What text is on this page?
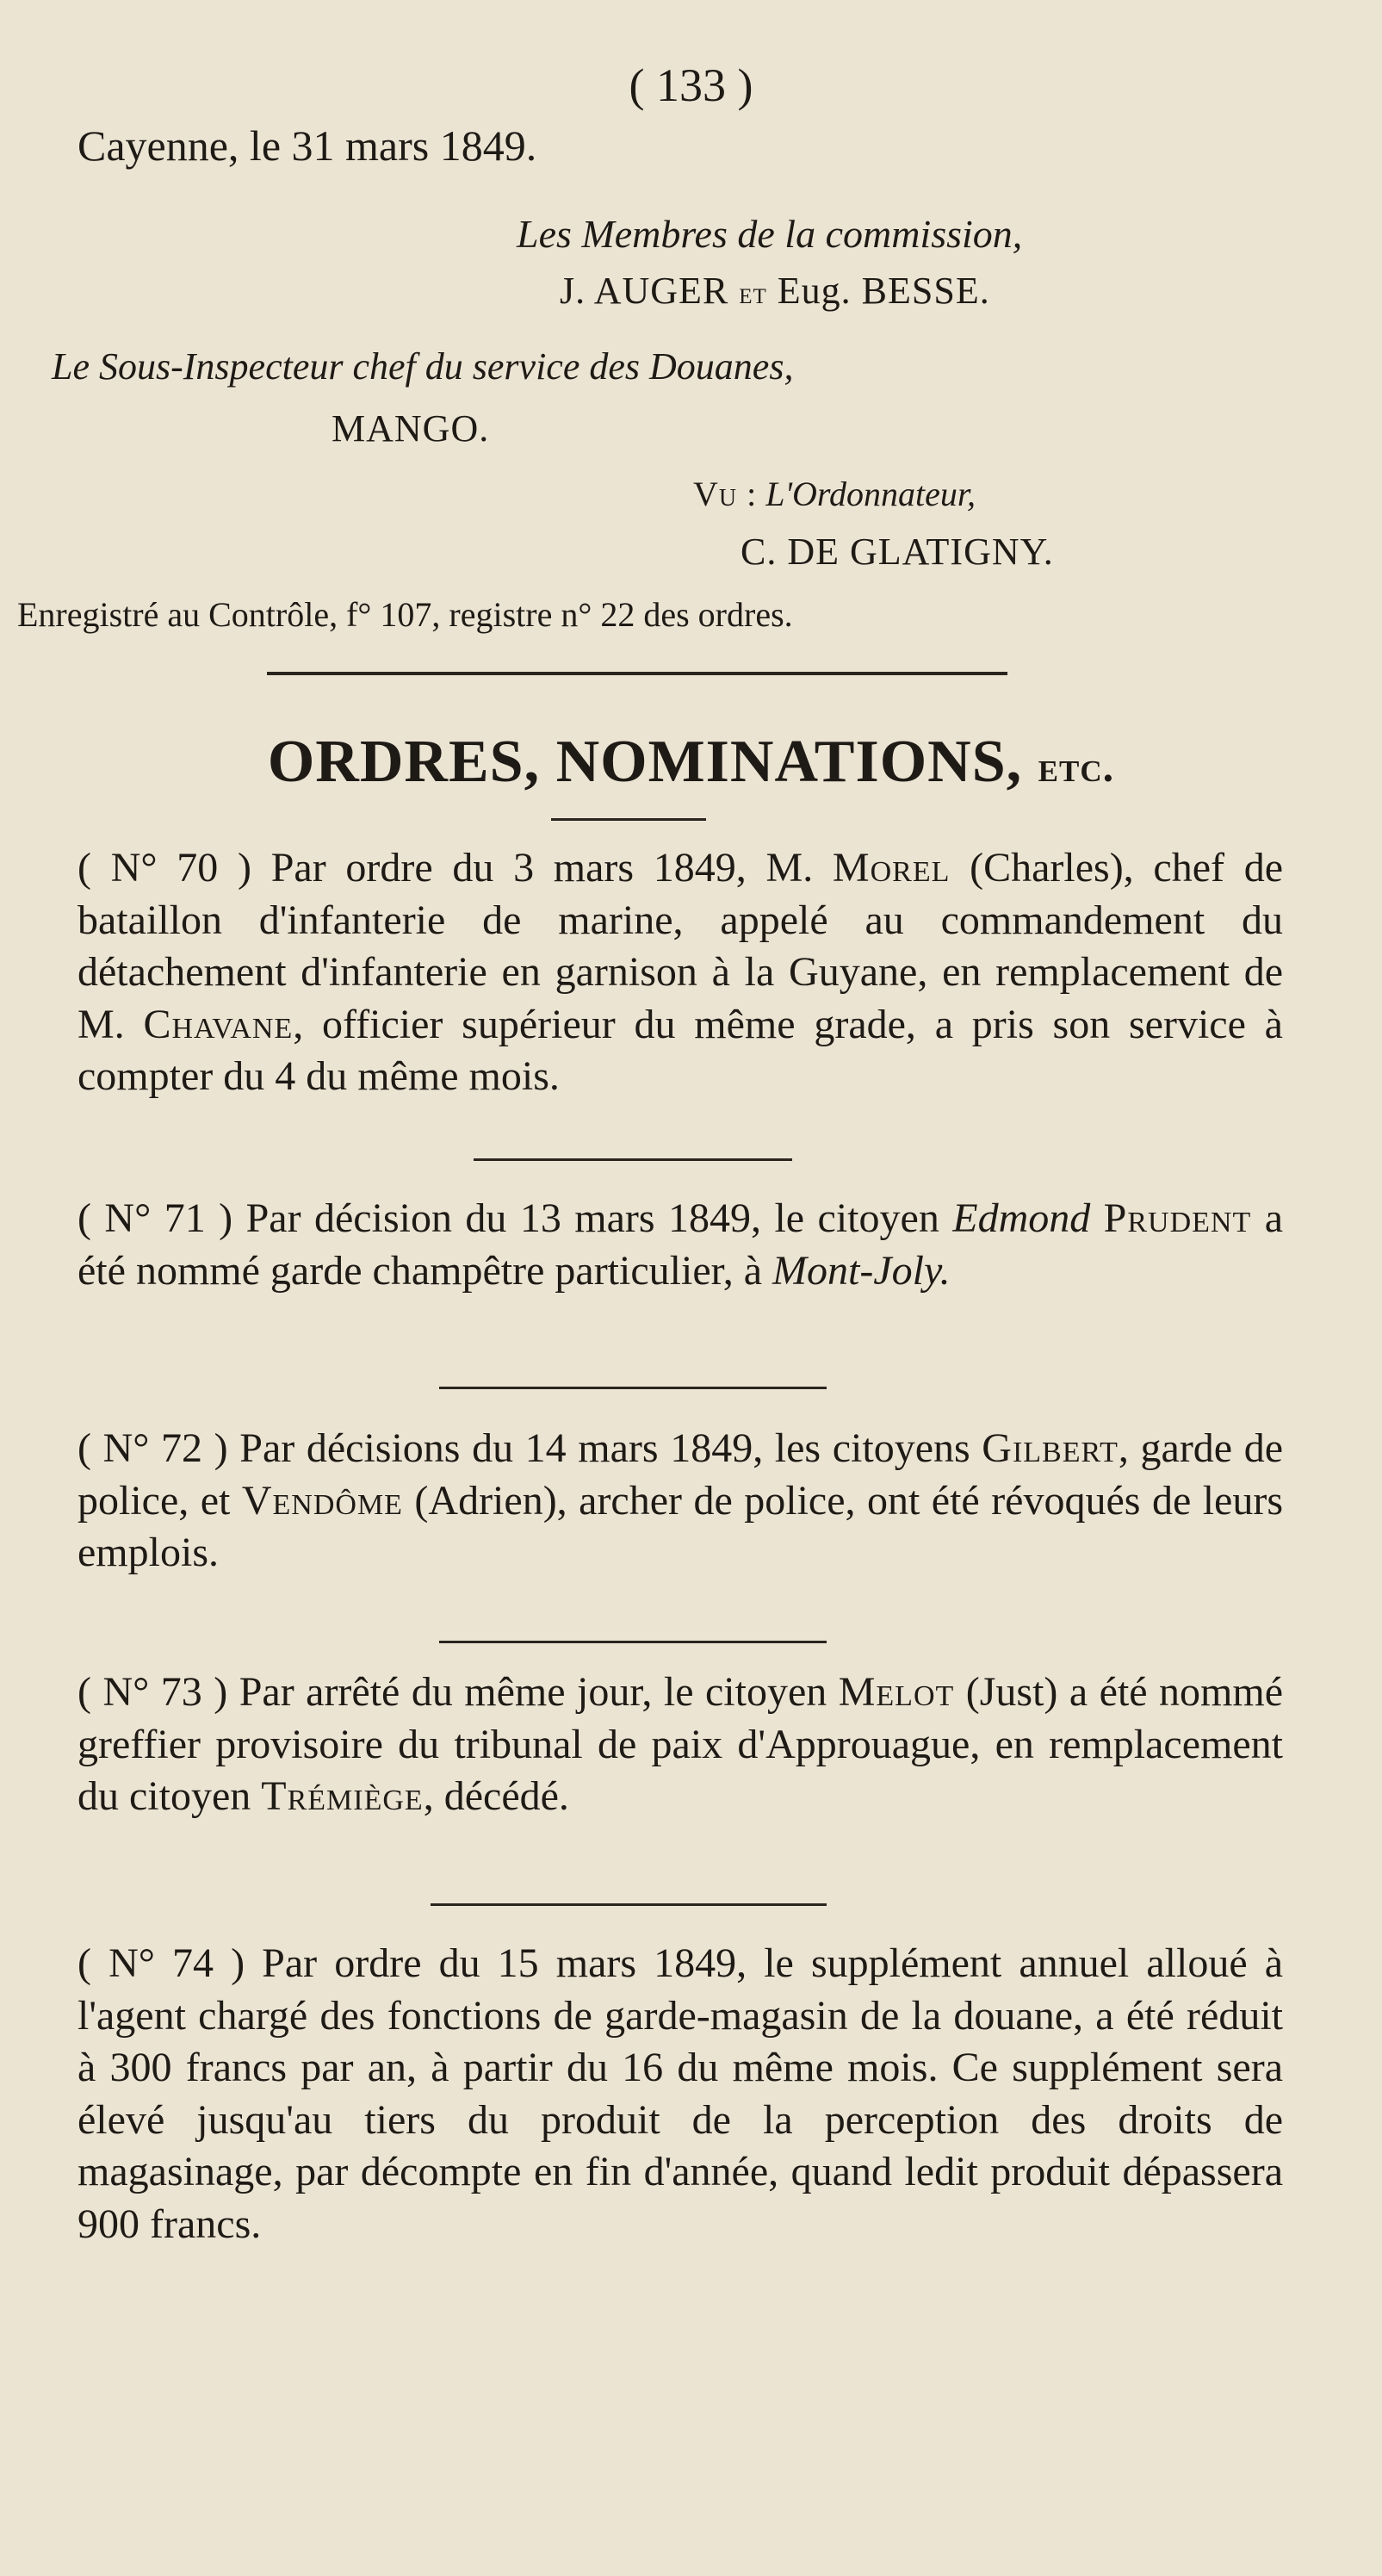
( 133 )
Cayenne, le 31 mars 1849.
Les Membres de la commission,
J. AUGER et Eug. BESSE.
Le Sous-Inspecteur chef du service des Douanes,
MANGO.
Vu : L'Ordonnateur,
C. DE GLATIGNY.
Enregistré au Contrôle, f° 107, registre n° 22 des ordres.
ORDRES, NOMINATIONS, etc.
( N° 70 ) Par ordre du 3 mars 1849, M. Morel (Charles), chef de bataillon d'infanterie de marine, appelé au commandement du détachement d'infanterie en garnison à la Guyane, en remplacement de M. Chavane, officier supérieur du même grade, a pris son service à compter du 4 du même mois.
( N° 71 ) Par décision du 13 mars 1849, le citoyen Edmond Prudent a été nommé garde champêtre particulier, à Mont-Joly.
( N° 72 ) Par décisions du 14 mars 1849, les citoyens Gilbert, garde de police, et Vendôme (Adrien), archer de police, ont été révoqués de leurs emplois.
( N° 73 ) Par arrêté du même jour, le citoyen Melot (Just) a été nommé greffier provisoire du tribunal de paix d'Approuague, en remplacement du citoyen Trémiège, décédé.
( N° 74 ) Par ordre du 15 mars 1849, le supplément annuel alloué à l'agent chargé des fonctions de garde-magasin de la douane, a été réduit à 300 francs par an, à partir du 16 du même mois. Ce supplément sera élevé jusqu'au tiers du produit de la perception des droits de magasinage, par décompte en fin d'année, quand ledit produit dépassera 900 francs.
